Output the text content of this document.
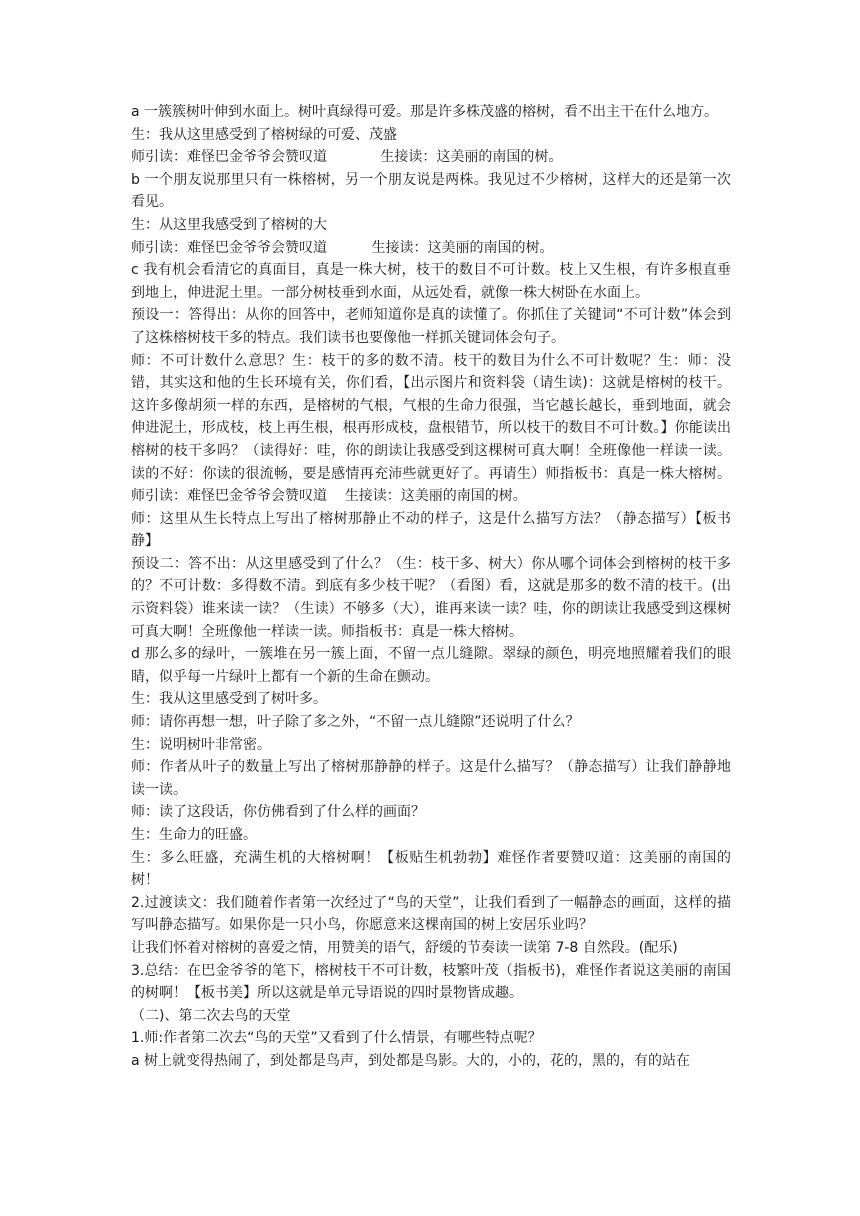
a 一簇簇树叶伸到水面上。树叶真绿得可爱。那是许多株茂盛的榕树，看不出主干在什么地方。

生：我从这里感受到了榕树绿的可爱、茂盛

师引读：难怪巴金爷爷会赞叹道            生接读：这美丽的南国的树。

b 一个朋友说那里只有一株榕树，另一个朋友说是两株。我见过不少榕树，这样大的还是第一次看见。

生：从这里我感受到了榕树的大

师引读：难怪巴金爷爷会赞叹道          生接读：这美丽的南国的树。

c 我有机会看清它的真面目，真是一株大树，枝干的数目不可计数。枝上又生根，有许多根直垂到地上，伸进泥土里。一部分树枝垂到水面，从远处看，就像一株大树卧在水面上。

预设一：答得出：从你的回答中，老师知道你是真的读懂了。你抓住了关键词“不可计数”体会到了这株榕树枝干多的特点。我们读书也要像他一样抓关键词体会句子。

师：不可计数什么意思？生：枝干的多的数不清。枝干的数目为什么不可计数呢？生：师：没错，其实这和他的生长环境有关，你们看，【出示图片和资料袋（请生读)：这就是榕树的枝干。这许多像胡须一样的东西，是榕树的气根，气根的生命力很强，当它越长越长，垂到地面，就会伸进泥土，形成枝，枝上再生根，根再形成枝，盘根错节，所以枝干的数目不可计数。】你能读出榕树的枝干多吗？（读得好：哇，你的朗读让我感受到这棵树可真大啊！全班像他一样读一读。读的不好：你读的很流畅，要是感情再充沛些就更好了。再请生）师指板书：真是一株大榕树。师引读：难怪巴金爷爷会赞叹道    生接读：这美丽的南国的树。

师：这里从生长特点上写出了榕树那静止不动的样子，这是什么描写方法？（静态描写）【板书静】

预设二：答不出：从这里感受到了什么？（生：枝干多、树大）你从哪个词体会到榕树的枝干多的？不可计数：多得数不清。到底有多少枝干呢？（看图）看，这就是那多的数不清的枝干。(出示资料袋）谁来读一读？（生读）不够多（大），谁再来读一读？哇，你的朗读让我感受到这棵树可真大啊！全班像他一样读一读。师指板书：真是一株大榕树。

d 那么多的绿叶，一簇堆在另一簇上面，不留一点儿缝隙。翠绿的颜色，明亮地照耀着我们的眼睛，似乎每一片绿叶上都有一个新的生命在颤动。

生：我从这里感受到了树叶多。

师：请你再想一想，叶子除了多之外，“不留一点儿缝隙”还说明了什么？

生：说明树叶非常密。

师：作者从叶子的数量上写出了榕树那静静的样子。这是什么描写？（静态描写）让我们静静地读一读。

师：读了这段话，你仿佛看到了什么样的画面？

生：生命力的旺盛。

生：多么旺盛，充满生机的大榕树啊！【板贴生机勃勃】难怪作者要赞叹道：这美丽的南国的树！

2.过渡读文：我们随着作者第一次经过了“鸟的天堂”，让我们看到了一幅静态的画面，这样的描写叫静态描写。如果你是一只小鸟，你愿意来这棵南国的树上安居乐业吗？

让我们怀着对榕树的喜爱之情，用赞美的语气，舒缓的节奏读一读第 7-8 自然段。(配乐)

3.总结：在巴金爷爷的笔下，榕树枝干不可计数，枝繁叶茂（指板书)，难怪作者说这美丽的南国的树啊！【板书美】所以这就是单元导语说的四时景物皆成趣。

（二)、第二次去鸟的天堂

1.师:作者第二次去“鸟的天堂”又看到了什么情景，有哪些特点呢？

a 树上就变得热闹了，到处都是鸟声，到处都是鸟影。大的，小的，花的，黑的，有的站在
